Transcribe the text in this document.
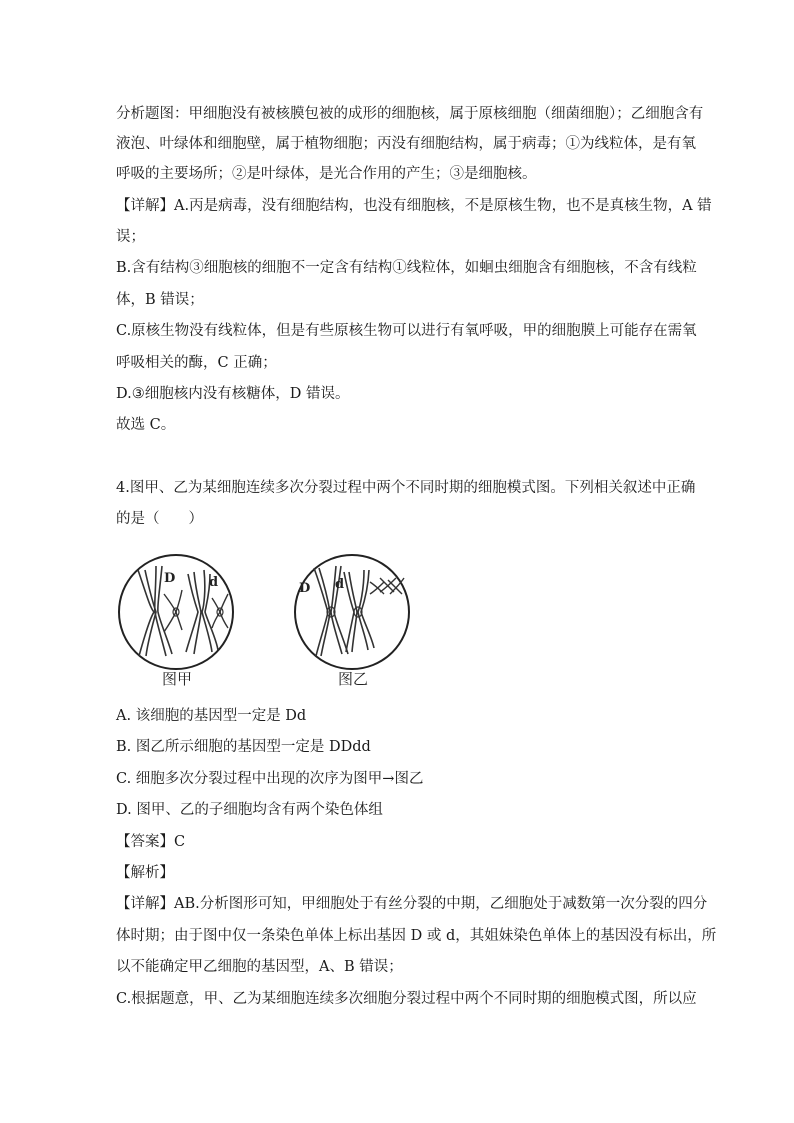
分析题图：甲细胞没有被核膜包被的成形的细胞核，属于原核细胞（细菌细胞）；乙细胞含有
液泡、叶绿体和细胞壁，属于植物细胞；丙没有细胞结构，属于病毒；①为线粒体，是有氧
呼吸的主要场所；②是叶绿体，是光合作用的产生；③是细胞核。
【详解】A.丙是病毒，没有细胞结构，也没有细胞核，不是原核生物，也不是真核生物，A 错
误；
B.含有结构③细胞核的细胞不一定含有结构①线粒体，如蛔虫细胞含有细胞核，不含有线粒
体，B 错误；
C.原核生物没有线粒体，但是有些原核生物可以进行有氧呼吸，甲的细胞膜上可能存在需氧
呼吸相关的酶，C 正确；
D.③细胞核内没有核糖体，D 错误。
故选 C。
4.图甲、乙为某细胞连续多次分裂过程中两个不同时期的细胞模式图。下列相关叙述中正确
的是（　　）
D	d
图甲
D d
图乙
A. 该细胞的基因型一定是 Dd
B. 图乙所示细胞的基因型一定是 DDdd
C. 细胞多次分裂过程中出现的次序为图甲→图乙
D. 图甲、乙的子细胞均含有两个染色体组
【答案】C
【解析】
【详解】AB.分析图形可知，甲细胞处于有丝分裂的中期，乙细胞处于减数第一次分裂的四分
体时期；由于图中仅一条染色单体上标出基因 D 或 d，其姐妹染色单体上的基因没有标出，所
以不能确定甲乙细胞的基因型，A、B 错误；
C.根据题意，甲、乙为某细胞连续多次细胞分裂过程中两个不同时期的细胞模式图，所以应
